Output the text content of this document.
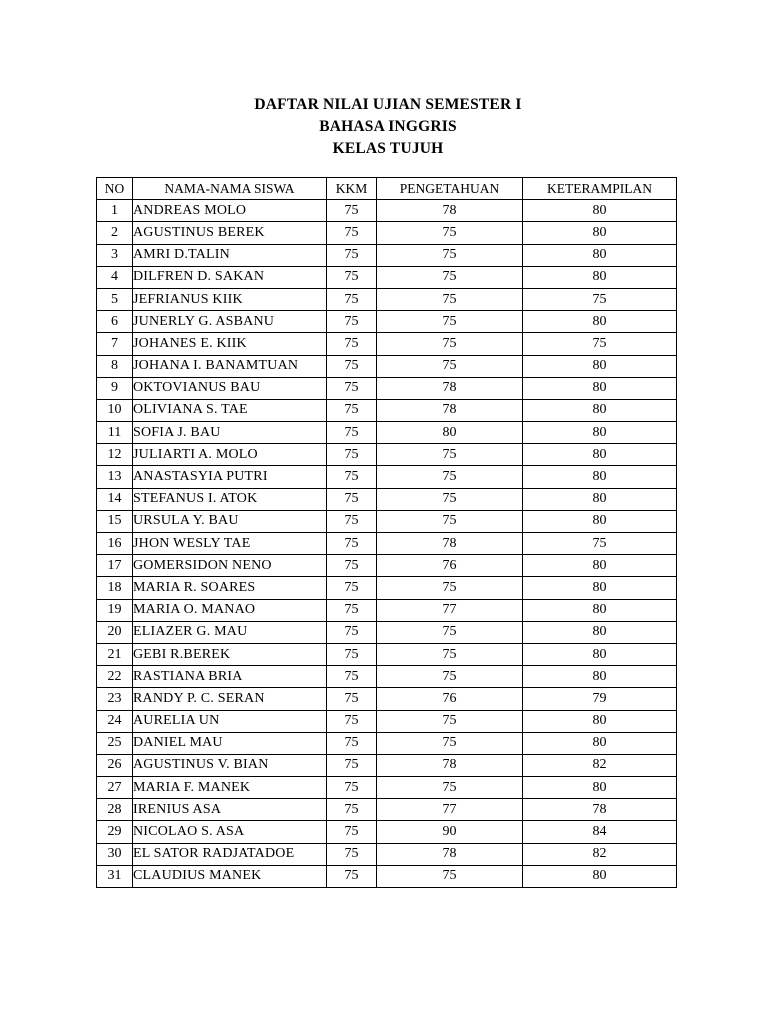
DAFTAR NILAI UJIAN SEMESTER I
BAHASA INGGRIS
KELAS TUJUH
NO	NAMA-NAMA SISWA	KKM	PENGETAHUAN	KETERAMPILAN
1	ANDREAS MOLO	75	78	80
2	AGUSTINUS BEREK	75	75	80
3	AMRI D.TALIN	75	75	80
4	DILFREN D. SAKAN	75	75	80
5	JEFRIANUS KIIK	75	75	75
6	JUNERLY G. ASBANU	75	75	80
7	JOHANES E. KIIK	75	75	75
8	JOHANA I. BANAMTUAN	75	75	80
9	OKTOVIANUS BAU	75	78	80
10	OLIVIANA S. TAE	75	78	80
11	SOFIA J. BAU	75	80	80
12	JULIARTI A. MOLO	75	75	80
13	ANASTASYIA PUTRI	75	75	80
14	STEFANUS I. ATOK	75	75	80
15	URSULA Y. BAU	75	75	80
16	JHON WESLY TAE	75	78	75
17	GOMERSIDON NENO	75	76	80
18	MARIA R. SOARES	75	75	80
19	MARIA O. MANAO	75	77	80
20	ELIAZER G. MAU	75	75	80
21	GEBI R.BEREK	75	75	80
22	RASTIANA BRIA	75	75	80
23	RANDY P. C. SERAN	75	76	79
24	AURELIA UN	75	75	80
25	DANIEL MAU	75	75	80
26	AGUSTINUS V. BIAN	75	78	82
27	MARIA F. MANEK	75	75	80
28	IRENIUS ASA	75	77	78
29	NICOLAO S. ASA	75	90	84
30	EL SATOR RADJATADOE	75	78	82
31	CLAUDIUS MANEK	75	75	80
